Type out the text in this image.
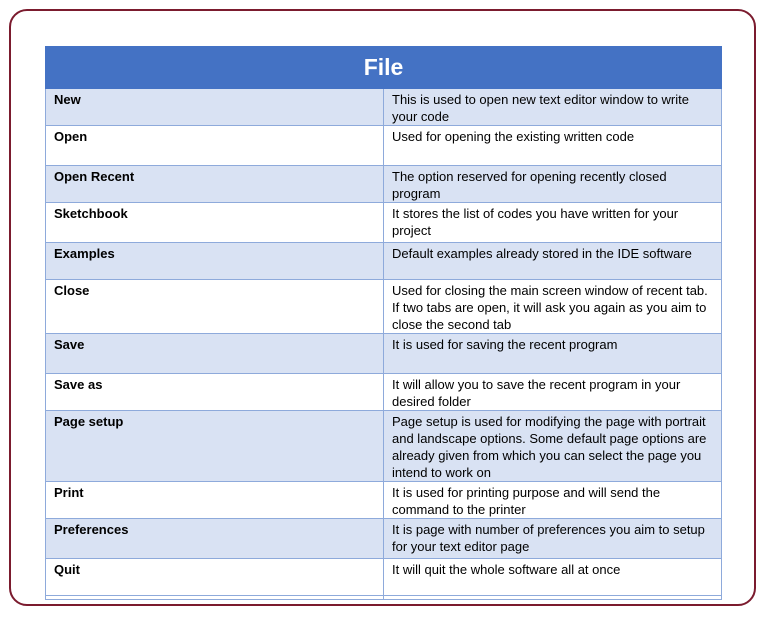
File	
New	This is used to open new text editor window to write your code
Open	Used for opening the existing written code
Open Recent	The option reserved for opening recently closed program
Sketchbook	It stores the list of codes you have written for your project
Examples	Default examples already stored in the IDE software
Close	Used for closing the main screen window of recent tab. If two tabs are open, it will ask you again as you aim to close the second tab
Save	It is used for saving the recent program
Save as	It will allow you to save the recent program in your desired folder
Page setup	Page setup is used for modifying the page with portrait and landscape options. Some default page options are already given from which you can select the page you intend to work on
Print	It is used for printing purpose and will send the command to the printer
Preferences	It is page with number of preferences you aim to setup for your text editor page
Quit	It will quit the whole software all at once
